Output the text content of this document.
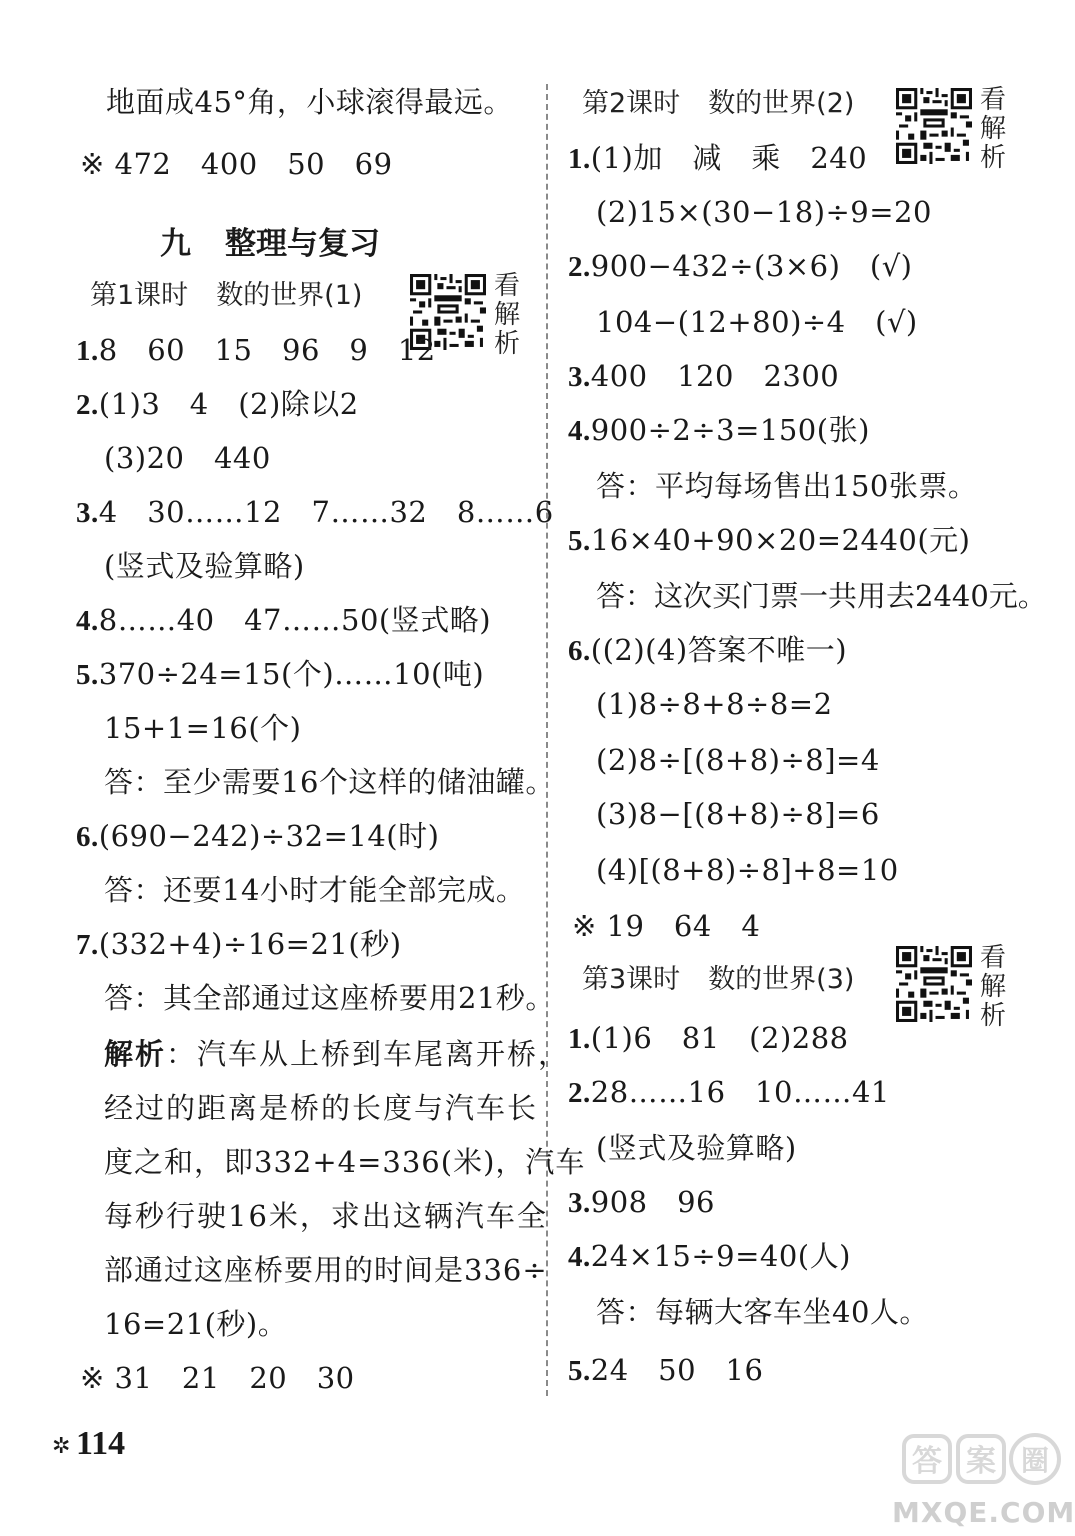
地面成45°角，小球滚得最远。
※ 472　400　50　69
九 整理与复习
第1课时 数的世界(1)	看
解
析
1.8　60　15　96　9　12
2.(1)3　4　(2)除以2
(3)20　440
3.4　30……12　7……32　8……6
(竖式及验算略)
4.8……40　47……50(竖式略)
5.370÷24=15(个)……10(吨)
15+1=16(个)
答：至少需要16个这样的储油罐。
6.(690−242)÷32=14(时)
答：还要14小时才能全部完成。
7.(332+4)÷16=21(秒)
答：其全部通过这座桥要用21秒。
解析：汽车从上桥到车尾离开桥，
经过的距离是桥的长度与汽车长
度之和，即332+4=336(米)，汽车
每秒行驶16米，求出这辆汽车全
部通过这座桥要用的时间是336÷
16=21(秒)。
※ 31　21　20　30
第2课时 数的世界(2)	看
解
析
1.(1)加　减　乘　240
(2)15×(30−18)÷9=20
2.900−432÷(3×6)　(√)
104−(12+80)÷4　(√)
3.400　120　2300
4.900÷2÷3=150(张)
答：平均每场售出150张票。
5.16×40+90×20=2440(元)
答：这次买门票一共用去2440元。
6.((2)(4)答案不唯一)
(1)8÷8+8÷8=2
(2)8÷[(8+8)÷8]=4
(3)8−[(8+8)÷8]=6
(4)[(8+8)÷8]+8=10
※ 19　64　4
第3课时 数的世界(3)
看
解
析
1.(1)6　81　(2)288
2.28……16　10……41
(竖式及验算略)
3.908　96
4.24×15÷9=40(人)
答：每辆大客车坐40人。
5.24　50　16
✲ 114	答 案 圈
MXQE.COM
